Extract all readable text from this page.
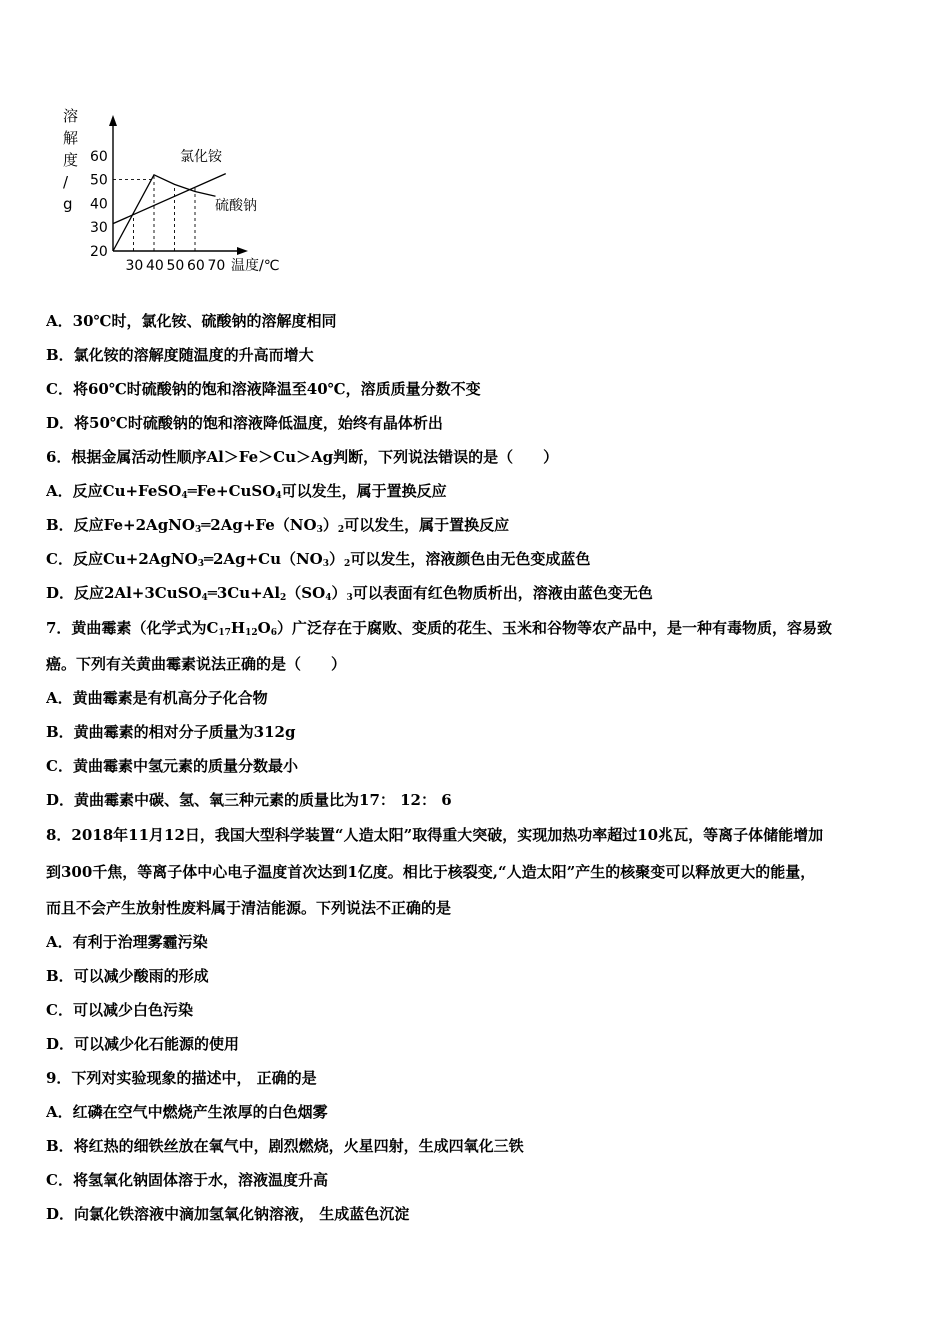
溶
解
度
/
g
20
30
40
50
60
30 40 50 60 70
氯化铵
硫酸钠
温度/℃
A．30℃时，氯化铵、硫酸钠的溶解度相同
B．氯化铵的溶解度随温度的升高而增大
C．将60℃时硫酸钠的饱和溶液降温至40℃，溶质质量分数不变
D．将50℃时硫酸钠的饱和溶液降低温度，始终有晶体析出
6．根据金属活动性顺序Al＞Fe＞Cu＞Ag判断，下列说法错误的是（　　）
A．反应Cu+FeSO$_4$═Fe+CuSO$_4$可以发生，属于置换反应
B．反应$Fe+2AgNO_3═2Ag+Fe(NO_3)_2$可以发生，属于置换反应
C．反应$Cu+2AgNO_3═2Ag+Cu(NO_3)_2$可以发生，溶液颜色由无色变成蓝色
D．反应$2Al+3CuSO_4═3Cu+Al_2(SO_4)_3$可以表面有红色物质析出，溶液由蓝色变无色
7．黄曲霉素（化学式为$C_{17}H_{12}O_6$）广泛存在于腐败、变质的花生、玉米和谷物等农产品中，是一种有毒物质，容易致
癌。下列有关黄曲霉素说法正确的是（　　）
A．黄曲霉素是有机高分子化合物
B．黄曲霉素的相对分子质量为312g
C．黄曲霉素中氢元素的质量分数最小
D．黄曲霉素中碳、氢、氧三种元素的质量比为17： 12： 6
8．2018年11月12日，我国大型科学装置“人造太阳”取得重大突破，实现加热功率超过10兆瓦，等离子体储能增加
到300千焦，等离子体中心电子温度首次达到1亿度。相比于核裂变,“人造太阳”产生的核聚变可以释放更大的能量，
而且不会产生放射性废料属于清洁能源。下列说法不正确的是
A．有利于治理雾霾污染
B．可以减少酸雨的形成
C．可以减少白色污染
D．可以减少化石能源的使用
9．下列对实验现象的描述中， 正确的是
A．红磷在空气中燃烧产生浓厚的白色烟雾
B．将红热的细铁丝放在氧气中，剧烈燃烧，火星四射，生成四氧化三铁
C．将氢氧化钠固体溶于水，溶液温度升高
D．向氯化铁溶液中滴加氢氧化钠溶液， 生成蓝色沉淀
